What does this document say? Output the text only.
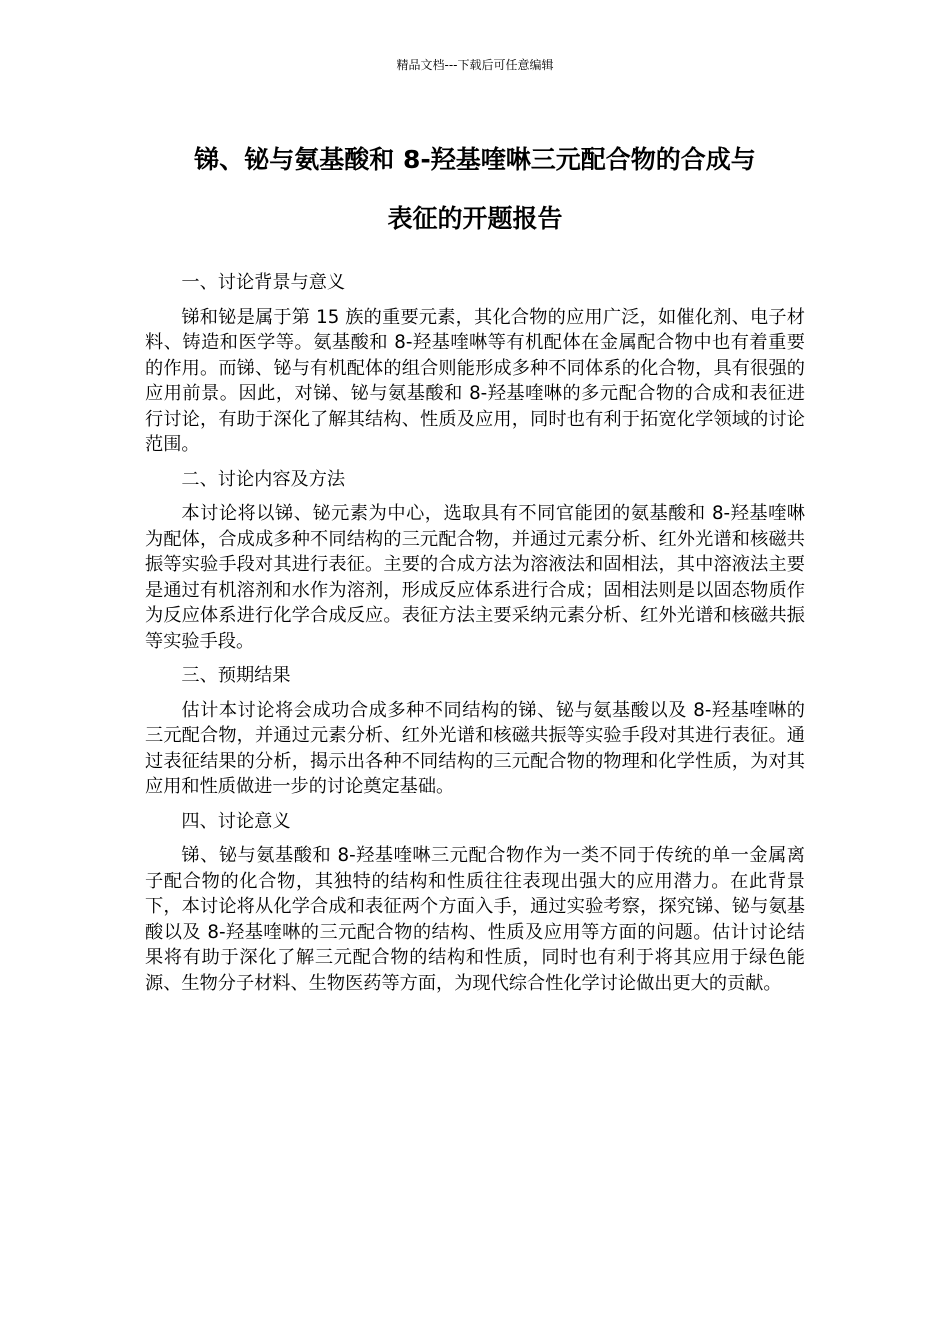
精品文档---下载后可任意编辑
锑、铋与氨基酸和 8-羟基喹啉三元配合物的合成与
表征的开题报告

一、讨论背景与意义

锑和铋是属于第 15 族的重要元素，其化合物的应用广泛，如催化剂、电子材料、铸造和医学等。氨基酸和 8-羟基喹啉等有机配体在金属配合物中也有着重要的作用。而锑、铋与有机配体的组合则能形成多种不同体系的化合物，具有很强的应用前景。因此，对锑、铋与氨基酸和 8-羟基喹啉的多元配合物的合成和表征进行讨论，有助于深化了解其结构、性质及应用，同时也有利于拓宽化学领域的讨论范围。

二、讨论内容及方法

本讨论将以锑、铋元素为中心，选取具有不同官能团的氨基酸和 8-羟基喹啉为配体，合成成多种不同结构的三元配合物，并通过元素分析、红外光谱和核磁共振等实验手段对其进行表征。主要的合成方法为溶液法和固相法，其中溶液法主要是通过有机溶剂和水作为溶剂，形成反应体系进行合成；固相法则是以固态物质作为反应体系进行化学合成反应。表征方法主要采纳元素分析、红外光谱和核磁共振等实验手段。

三、预期结果

估计本讨论将会成功合成多种不同结构的锑、铋与氨基酸以及 8-羟基喹啉的三元配合物，并通过元素分析、红外光谱和核磁共振等实验手段对其进行表征。通过表征结果的分析，揭示出各种不同结构的三元配合物的物理和化学性质，为对其应用和性质做进一步的讨论奠定基础。

四、讨论意义

锑、铋与氨基酸和 8-羟基喹啉三元配合物作为一类不同于传统的单一金属离子配合物的化合物，其独特的结构和性质往往表现出强大的应用潜力。在此背景下，本讨论将从化学合成和表征两个方面入手，通过实验考察，探究锑、铋与氨基酸以及 8-羟基喹啉的三元配合物的结构、性质及应用等方面的问题。估计讨论结果将有助于深化了解三元配合物的结构和性质，同时也有利于将其应用于绿色能源、生物分子材料、生物医药等方面，为现代综合性化学讨论做出更大的贡献。
